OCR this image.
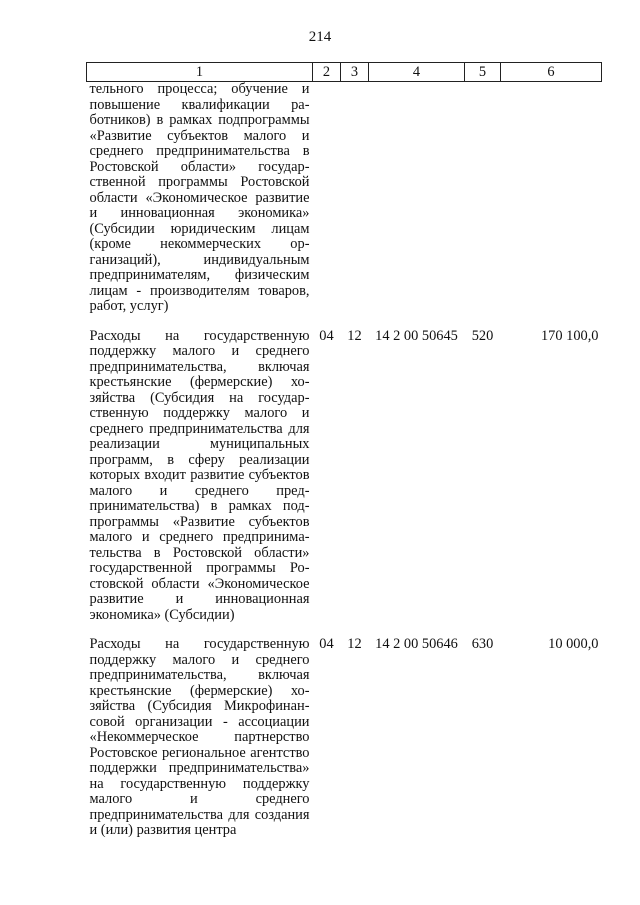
214
1	2	3	4	5	6
тельного процесса; обучение и повышение квалификации работников) в рамках подпрограммы «Развитие субъектов малого и среднего предпринимательства в Ростовской области» государственной программы Ростовской области «Экономическое развитие и инновационная экономика» (Субсидии юридическим лицам (кроме некоммерческих организаций), индивидуальным предпринимателям, физическим лицам - производителям товаров, работ, услуг)					
Расходы на государственную поддержку малого и среднего предпринимательства, включая крестьянские (фермерские) хозяйства (Субсидия на государственную поддержку малого и среднего предпринимательства для реализации муниципальных программ, в сферу реализации которых входит развитие субъектов малого и среднего предпринимательства) в рамках подпрограммы «Развитие субъектов малого и среднего предпринимательства в Ростовской области» государственной программы Ростовской области «Экономическое развитие и инновационная экономика» (Субсидии)	04	12	14 2 00 50645	520	170 100,0
Расходы на государственную поддержку малого и среднего предпринимательства, включая крестьянские (фермерские) хозяйства (Субсидия Микрофинансовой организации - ассоциации «Некоммерческое партнерство Ростовское региональное агентство поддержки предпринимательства» на государственную поддержку малого и среднего предпринимательства для создания и (или) развития центра	04	12	14 2 00 50646	630	10 000,0
